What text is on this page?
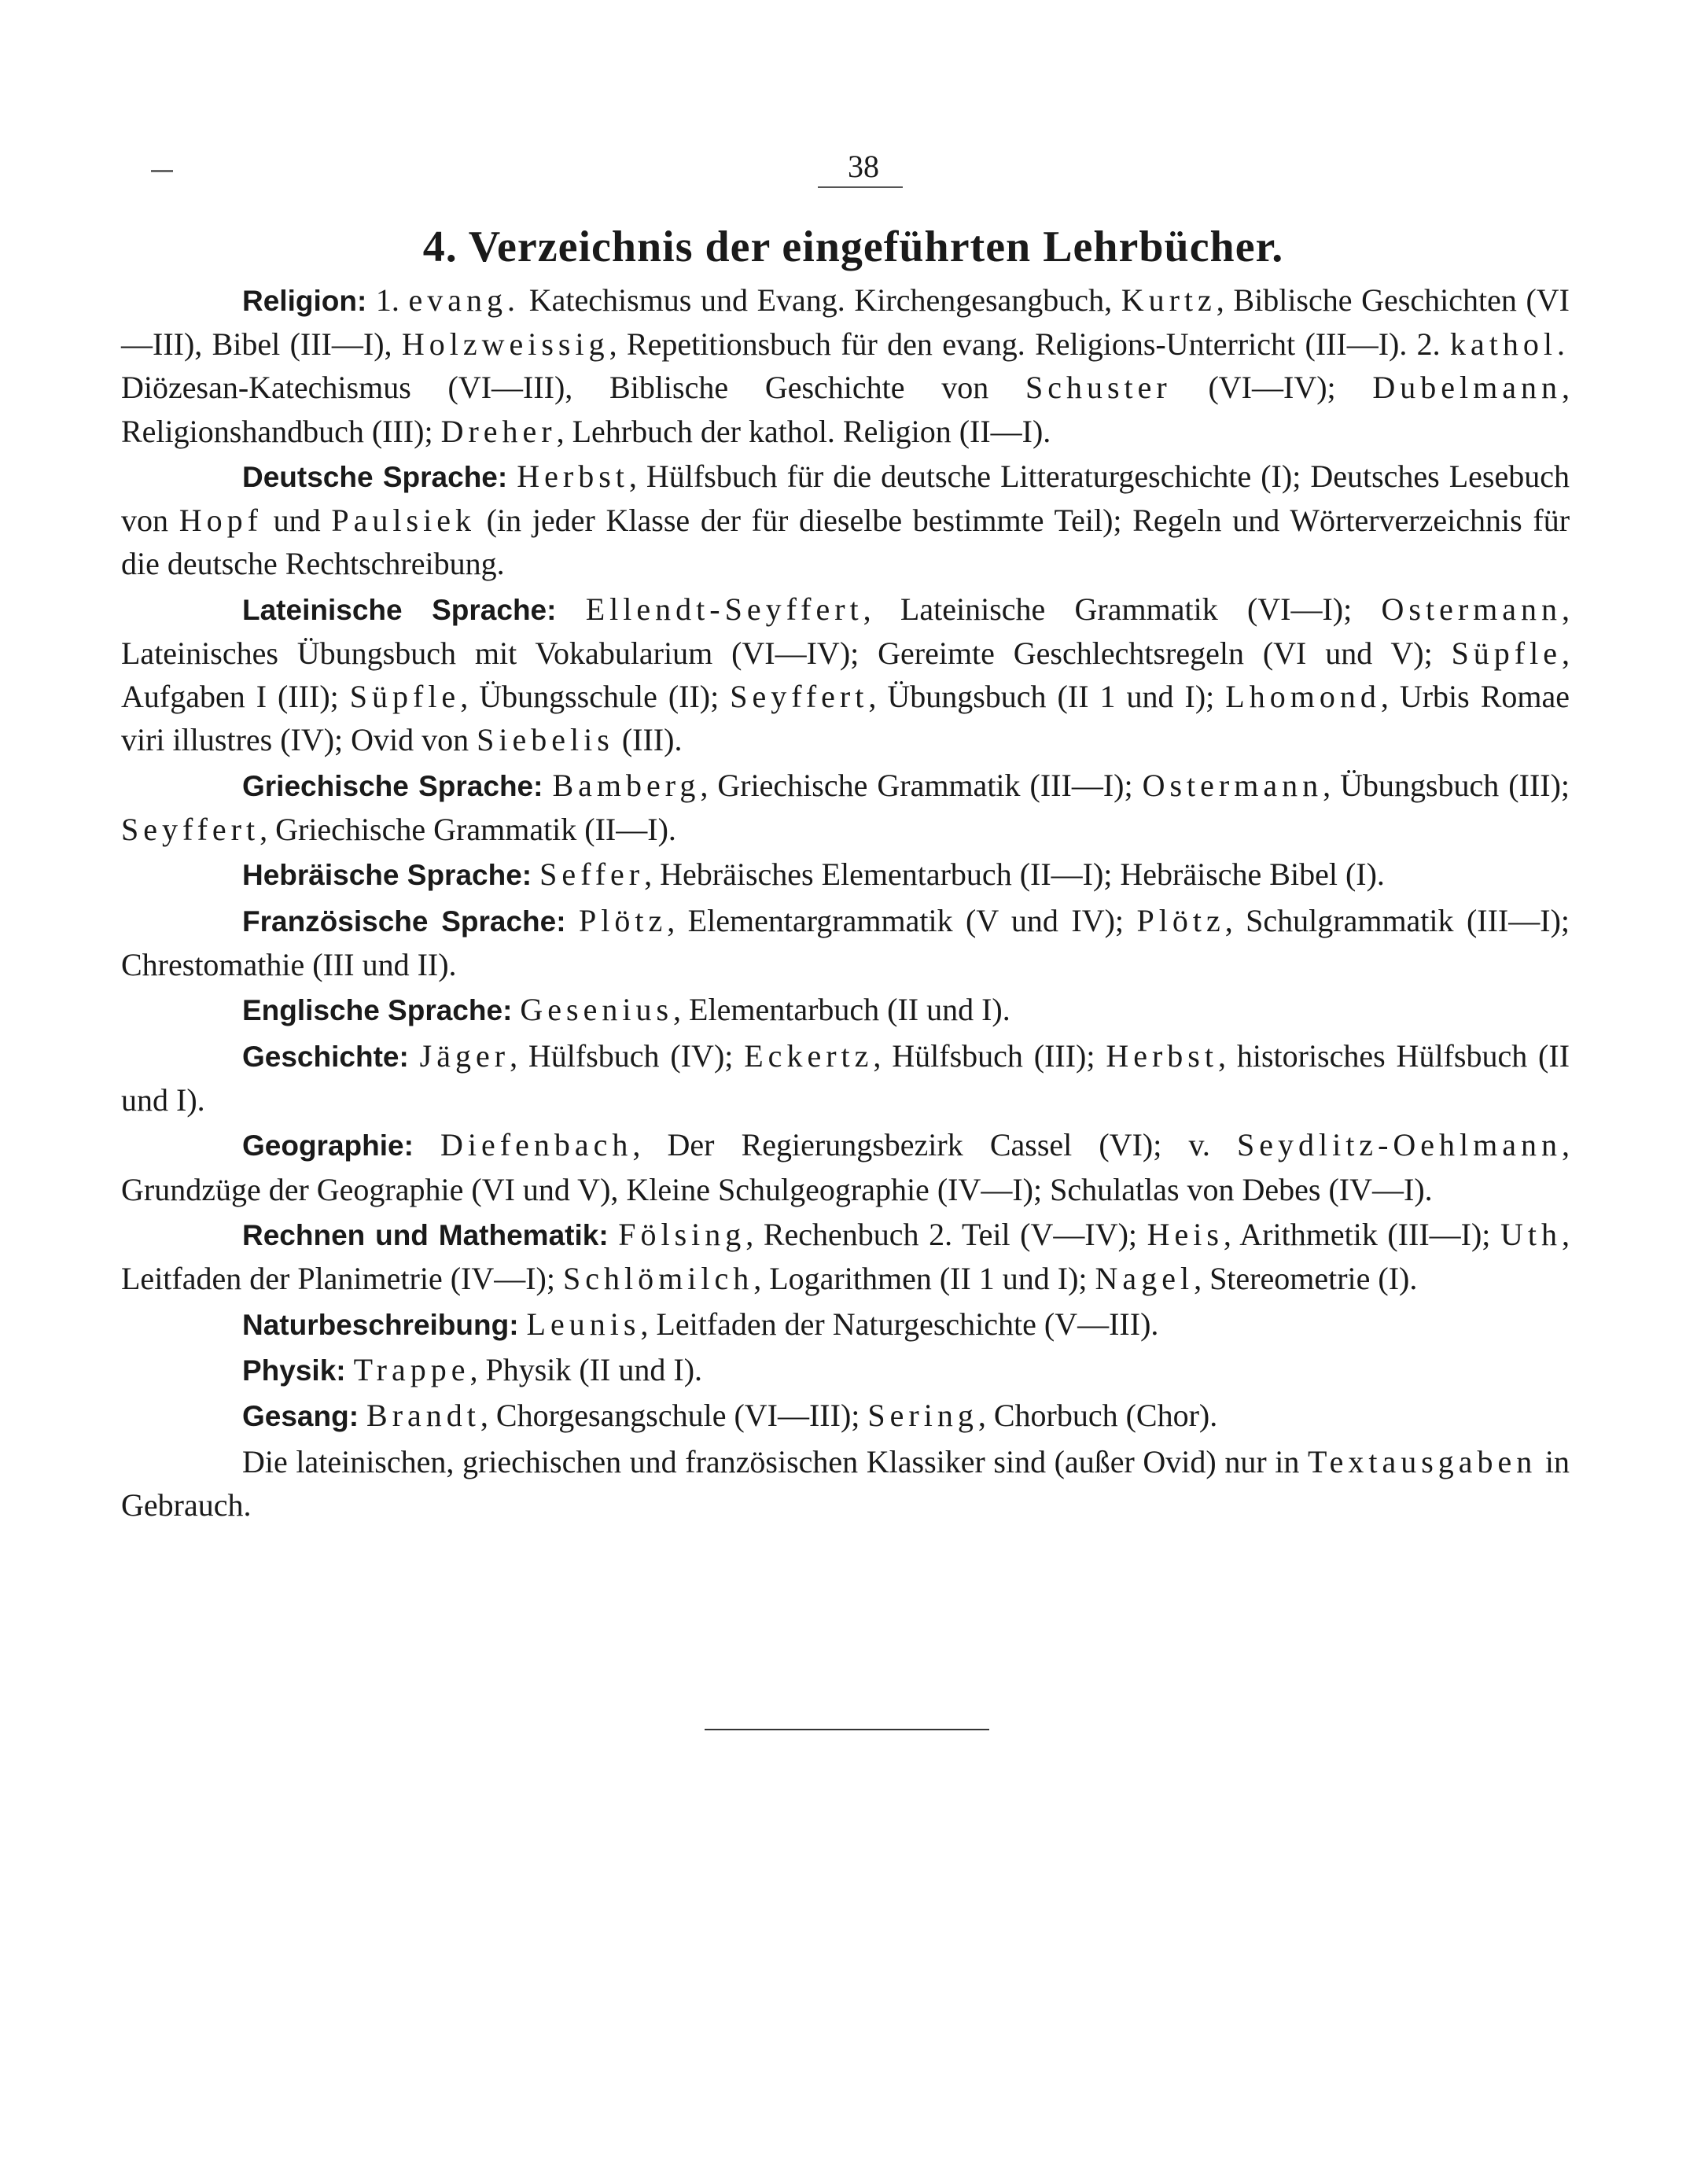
38
4. Verzeichnis der eingeführten Lehrbücher.

Religion: 1. evang. Katechismus und Evang. Kirchengesangbuch, Kurtz, Biblische Geschichten (VI—III), Bibel (III—I), Holzweissig, Repetitionsbuch für den evang. Religions-Unterricht (III—I). 2. kathol. Diözesan-Katechismus (VI—III), Biblische Geschichte von Schuster (VI—IV); Dubelmann, Religionshandbuch (III); Dreher, Lehrbuch der kathol. Religion (II—I).

Deutsche Sprache: Herbst, Hülfsbuch für die deutsche Litteraturgeschichte (I); Deutsches Lesebuch von Hopf und Paulsiek (in jeder Klasse der für dieselbe bestimmte Teil); Regeln und Wörterverzeichnis für die deutsche Rechtschreibung.

Lateinische Sprache: Ellendt-Seyffert, Lateinische Grammatik (VI—I); Ostermann, Lateinisches Übungsbuch mit Vokabularium (VI—IV); Gereimte Geschlechtsregeln (VI und V); Süpfle, Aufgaben I (III); Süpfle, Übungsschule (II); Seyffert, Übungsbuch (II 1 und I); Lhomond, Urbis Romae viri illustres (IV); Ovid von Siebelis (III).

Griechische Sprache: Bamberg, Griechische Grammatik (III—I); Ostermann, Übungsbuch (III); Seyffert, Griechische Grammatik (II—I).

Hebräische Sprache: Seffer, Hebräisches Elementarbuch (II—I); Hebräische Bibel (I).

Französische Sprache: Plötz, Elementargrammatik (V und IV); Plötz, Schulgrammatik (III—I); Chrestomathie (III und II).

Englische Sprache: Gesenius, Elementarbuch (II und I).

Geschichte: Jäger, Hülfsbuch (IV); Eckertz, Hülfsbuch (III); Herbst, historisches Hülfsbuch (II und I).

Geographie: Diefenbach, Der Regierungsbezirk Cassel (VI); v. Seydlitz-Oehlmann, Grundzüge der Geographie (VI und V), Kleine Schulgeographie (IV—I); Schulatlas von Debes (IV—I).

Rechnen und Mathematik: Fölsing, Rechenbuch 2. Teil (V—IV); Heis, Arithmetik (III—I); Uth, Leitfaden der Planimetrie (IV—I); Schlömilch, Logarithmen (II 1 und I); Nagel, Stereometrie (I).

Naturbeschreibung: Leunis, Leitfaden der Naturgeschichte (V—III).

Physik: Trappe, Physik (II und I).

Gesang: Brandt, Chorgesangschule (VI—III); Sering, Chorbuch (Chor).

Die lateinischen, griechischen und französischen Klassiker sind (außer Ovid) nur in Textausgaben in Gebrauch.
